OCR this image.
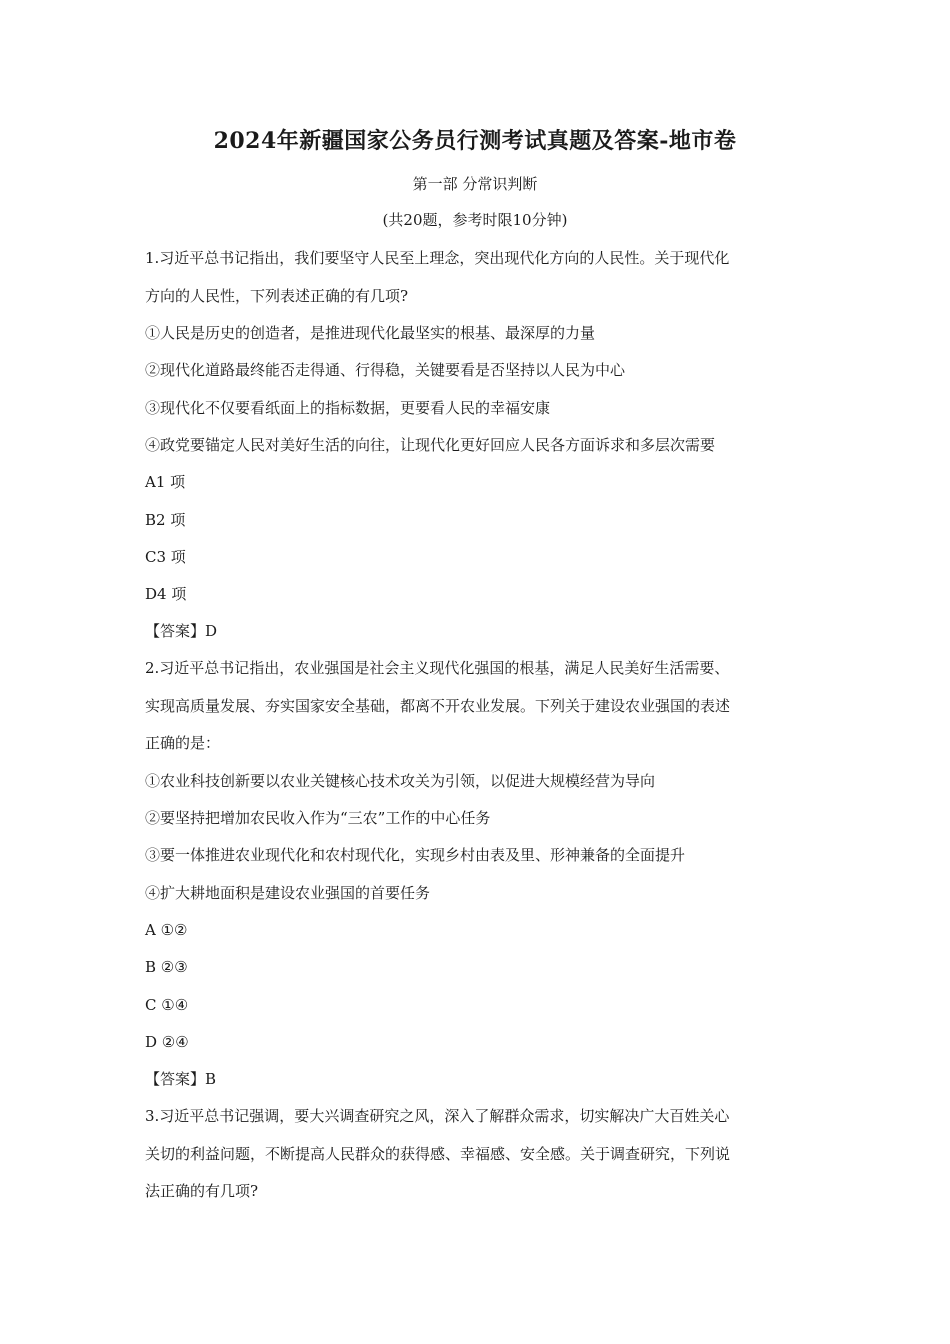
2024年新疆国家公务员行测考试真题及答案-地市卷
第一部 分常识判断
(共20题，参考时限10分钟)
1.习近平总书记指出，我们要坚守人民至上理念，突出现代化方向的人民性。关于现代化
方向的人民性，下列表述正确的有几项?
①人民是历史的创造者，是推进现代化最坚实的根基、最深厚的力量
②现代化道路最终能否走得通、行得稳，关键要看是否坚持以人民为中心
③现代化不仅要看纸面上的指标数据，更要看人民的幸福安康
④政党要锚定人民对美好生活的向往，让现代化更好回应人民各方面诉求和多层次需要
A1 项
B2 项
C3 项
D4 项
【答案】D
2.习近平总书记指出，农业强国是社会主义现代化强国的根基，满足人民美好生活需要、
实现高质量发展、夯实国家安全基础，都离不开农业发展。下列关于建设农业强国的表述
正确的是：
①农业科技创新要以农业关键核心技术攻关为引领，以促进大规模经营为导向
②要坚持把增加农民收入作为“三农”工作的中心任务
③要一体推进农业现代化和农村现代化，实现乡村由表及里、形神兼备的全面提升
④扩大耕地面积是建设农业强国的首要任务
A ①②
B ②③
C ①④
D ②④
【答案】B
3.习近平总书记强调，要大兴调查研究之风，深入了解群众需求，切实解决广大百姓关心
关切的利益问题，不断提高人民群众的获得感、幸福感、安全感。关于调查研究，下列说
法正确的有几项?
